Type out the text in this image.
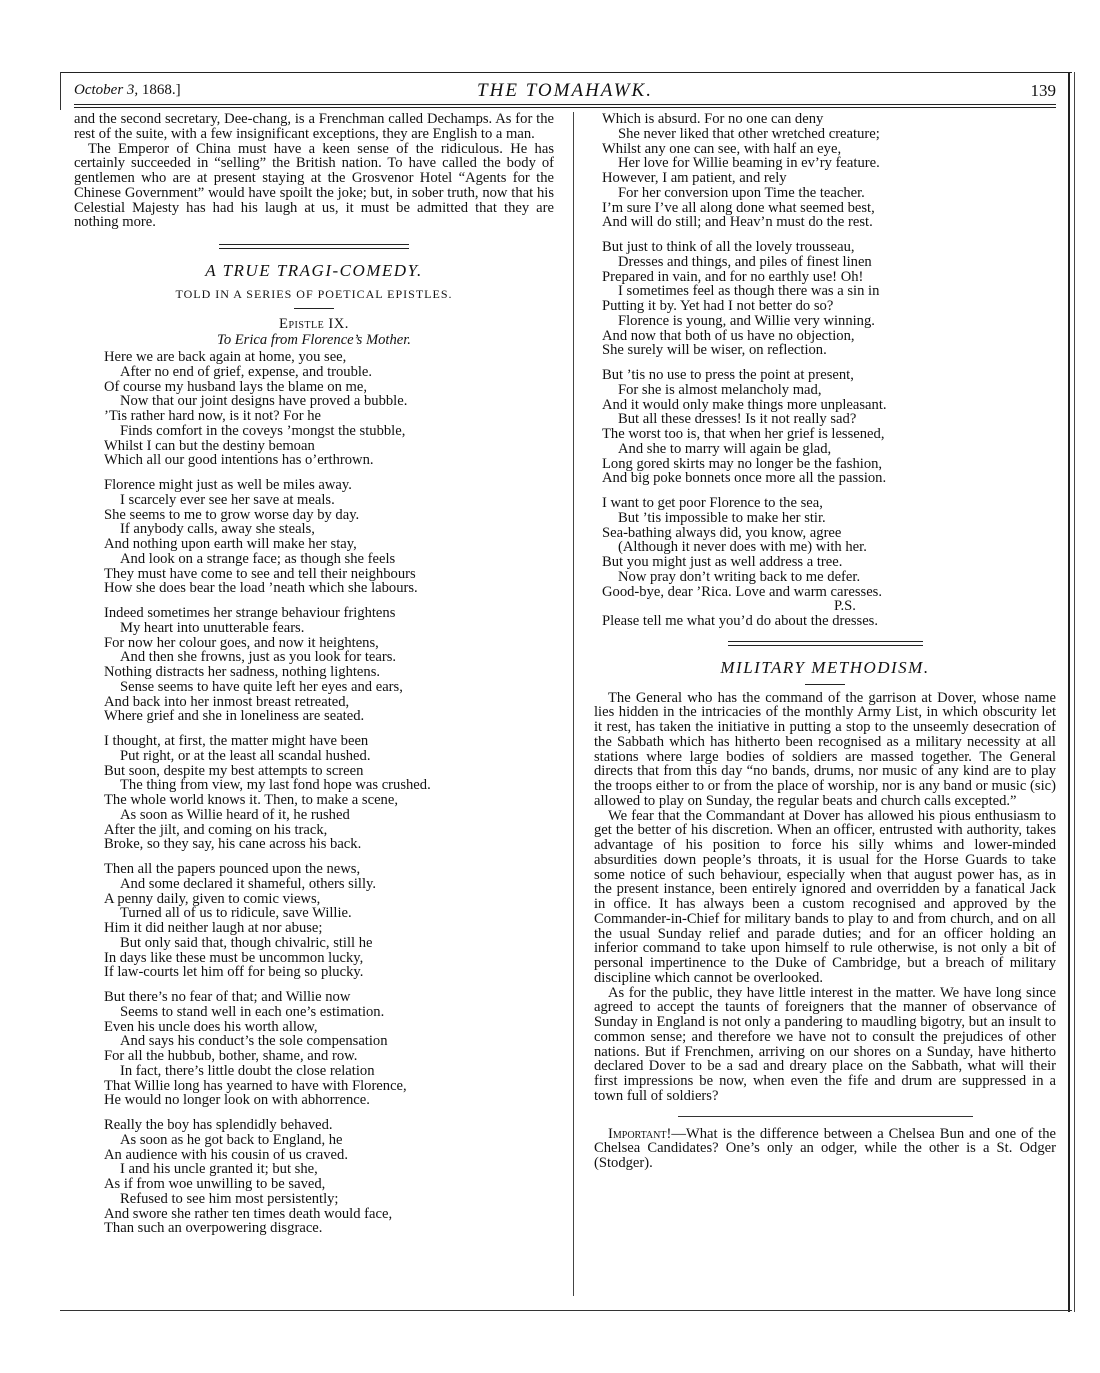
October 3, 1868.]	THE TOMAHAWK.	139

and the second secretary, Dee-chang, is a Frenchman called Dechamps. As for the rest of the suite, with a few insignificant exceptions, they are English to a man.

The Emperor of China must have a keen sense of the ridiculous. He has certainly succeeded in “selling” the British nation. To have called the body of gentlemen who are at present staying at the Grosvenor Hotel “Agents for the Chinese Government” would have spoilt the joke; but, in sober truth, now that his Celestial Majesty has had his laugh at us, it must be admitted that they are nothing more.

A TRUE TRAGI-COMEDY.
TOLD IN A SERIES OF POETICAL EPISTLES.
Epistle IX.
To Erica from Florence’s Mother.
Here we are back again at home, you see,
After no end of grief, expense, and trouble.
Of course my husband lays the blame on me,
Now that our joint designs have proved a bubble.
’Tis rather hard now, is it not? For he
Finds comfort in the coveys ’mongst the stubble,
Whilst I can but the destiny bemoan
Which all our good intentions has o’erthrown.
Florence might just as well be miles away.
I scarcely ever see her save at meals.
She seems to me to grow worse day by day.
If anybody calls, away she steals,
And nothing upon earth will make her stay,
And look on a strange face; as though she feels
They must have come to see and tell their neighbours
How she does bear the load ’neath which she labours.
Indeed sometimes her strange behaviour frightens
My heart into unutterable fears.
For now her colour goes, and now it heightens,
And then she frowns, just as you look for tears.
Nothing distracts her sadness, nothing lightens.
Sense seems to have quite left her eyes and ears,
And back into her inmost breast retreated,
Where grief and she in loneliness are seated.
I thought, at first, the matter might have been
Put right, or at the least all scandal hushed.
But soon, despite my best attempts to screen
The thing from view, my last fond hope was crushed.
The whole world knows it. Then, to make a scene,
As soon as Willie heard of it, he rushed
After the jilt, and coming on his track,
Broke, so they say, his cane across his back.
Then all the papers pounced upon the news,
And some declared it shameful, others silly.
A penny daily, given to comic views,
Turned all of us to ridicule, save Willie.
Him it did neither laugh at nor abuse;
But only said that, though chivalric, still he
In days like these must be uncommon lucky,
If law-courts let him off for being so plucky.
But there’s no fear of that; and Willie now
Seems to stand well in each one’s estimation.
Even his uncle does his worth allow,
And says his conduct’s the sole compensation
For all the hubbub, bother, shame, and row.
In fact, there’s little doubt the close relation
That Willie long has yearned to have with Florence,
He would no longer look on with abhorrence.
Really the boy has splendidly behaved.
As soon as he got back to England, he
An audience with his cousin of us craved.
I and his uncle granted it; but she,
As if from woe unwilling to be saved,
Refused to see him most persistently;
And swore she rather ten times death would face,
Than such an overpowering disgrace.
Which is absurd. For no one can deny
She never liked that other wretched creature;
Whilst any one can see, with half an eye,
Her love for Willie beaming in ev’ry feature.
However, I am patient, and rely
For her conversion upon Time the teacher.
I’m sure I’ve all along done what seemed best,
And will do still; and Heav’n must do the rest.
But just to think of all the lovely trousseau,
Dresses and things, and piles of finest linen
Prepared in vain, and for no earthly use! Oh!
I sometimes feel as though there was a sin in
Putting it by. Yet had I not better do so?
Florence is young, and Willie very winning.
And now that both of us have no objection,
She surely will be wiser, on reflection.
But ’tis no use to press the point at present,
For she is almost melancholy mad,
And it would only make things more unpleasant.
But all these dresses! Is it not really sad?
The worst too is, that when her grief is lessened,
And she to marry will again be glad,
Long gored skirts may no longer be the fashion,
And big poke bonnets once more all the passion.
I want to get poor Florence to the sea,
But ’tis impossible to make her stir.
Sea-bathing always did, you know, agree
(Although it never does with me) with her.
But you might just as well address a tree.
Now pray don’t writing back to me defer.
Good-bye, dear ’Rica. Love and warm caresses.
P.S.
Please tell me what you’d do about the dresses.
MILITARY METHODISM.

The General who has the command of the garrison at Dover, whose name lies hidden in the intricacies of the monthly Army List, in which obscurity let it rest, has taken the initiative in putting a stop to the unseemly desecration of the Sabbath which has hitherto been recognised as a military necessity at all stations where large bodies of soldiers are massed together. The General directs that from this day “no bands, drums, nor music of any kind are to play the troops either to or from the place of worship, nor is any band or music (sic) allowed to play on Sunday, the regular beats and church calls excepted.”

We fear that the Commandant at Dover has allowed his pious enthusiasm to get the better of his discretion. When an officer, entrusted with authority, takes advantage of his position to force his silly whims and lower-minded absurdities down people’s throats, it is usual for the Horse Guards to take some notice of such behaviour, especially when that august power has, as in the present instance, been entirely ignored and overridden by a fanatical Jack in office. It has always been a custom recognised and approved by the Commander-in-Chief for military bands to play to and from church, and on all the usual Sunday relief and parade duties; and for an officer holding an inferior command to take upon himself to rule otherwise, is not only a bit of personal impertinence to the Duke of Cambridge, but a breach of military discipline which cannot be overlooked.

As for the public, they have little interest in the matter. We have long since agreed to accept the taunts of foreigners that the manner of observance of Sunday in England is not only a pandering to maudling bigotry, but an insult to common sense; and therefore we have not to consult the prejudices of other nations. But if Frenchmen, arriving on our shores on a Sunday, have hitherto declared Dover to be a sad and dreary place on the Sabbath, what will their first impressions be now, when even the fife and drum are suppressed in a town full of soldiers?

Important!—What is the difference between a Chelsea Bun and one of the Chelsea Candidates? One’s only an odger, while the other is a St. Odger (Stodger).
